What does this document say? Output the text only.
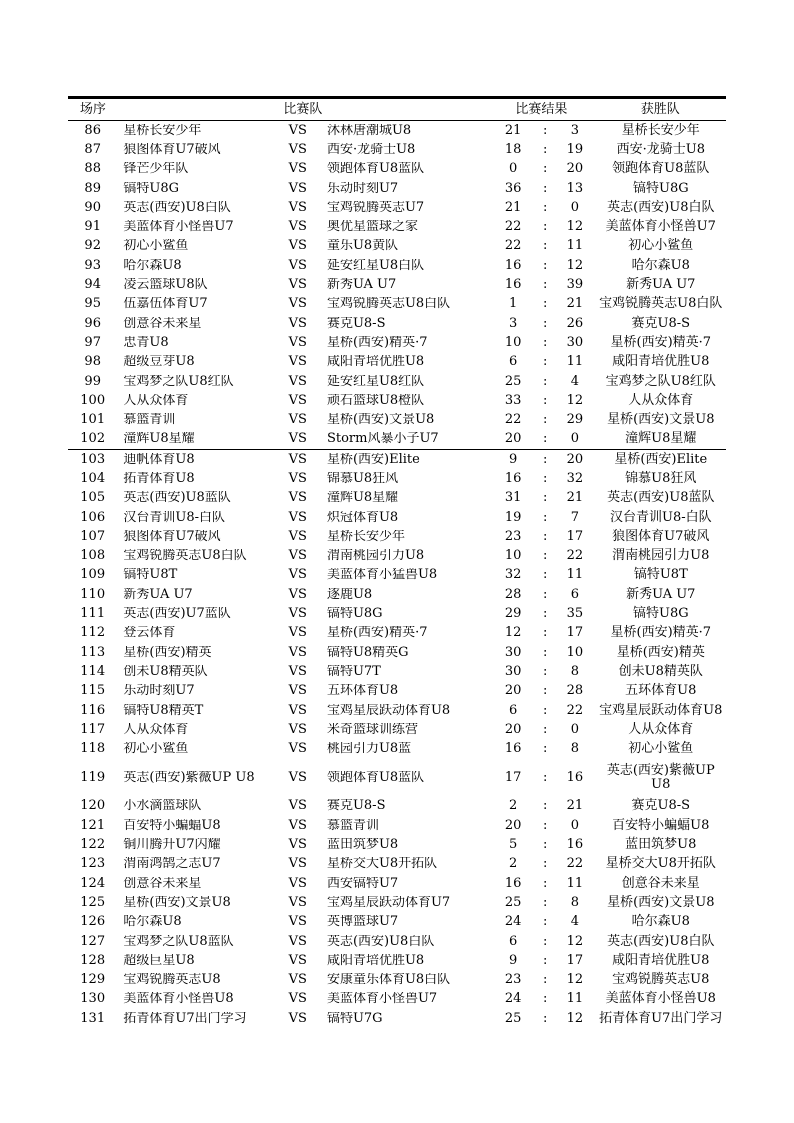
场序	比赛队	比赛结果	获胜队
86	星桥长安少年	VS	沐林唐潮城U8	21	:	3	星桥长安少年
87	狼图体育U7破风	VS	西安·龙骑士U8	18	:	19	西安·龙骑士U8
88	锋芒少年队	VS	领跑体育U8蓝队	0	:	20	领跑体育U8蓝队
89	镐特U8G	VS	乐动时刻U7	36	:	13	镐特U8G
90	英志(西安)U8白队	VS	宝鸡锐腾英志U7	21	:	0	英志(西安)U8白队
91	美蓝体育小怪兽U7	VS	奥优星篮球之家	22	:	12	美蓝体育小怪兽U7
92	初心小鲨鱼	VS	童乐U8黄队	22	:	11	初心小鲨鱼
93	哈尔森U8	VS	延安红星U8白队	16	:	12	哈尔森U8
94	凌云篮球U8队	VS	新秀UA U7	16	:	39	新秀UA U7
95	伍嘉伍体育U7	VS	宝鸡锐腾英志U8白队	1	:	21	宝鸡锐腾英志U8白队
96	创意谷未来星	VS	赛克U8-S	3	:	26	赛克U8-S
97	忠青U8	VS	星桥(西安)精英·7	10	:	30	星桥(西安)精英·7
98	超级豆芽U8	VS	咸阳青培优胜U8	6	:	11	咸阳青培优胜U8
99	宝鸡梦之队U8红队	VS	延安红星U8红队	25	:	4	宝鸡梦之队U8红队
100	人从众体育	VS	顽石篮球U8橙队	33	:	12	人从众体育
101	慕篮青训	VS	星桥(西安)文景U8	22	:	29	星桥(西安)文景U8
102	潼辉U8星耀	VS	Storm风暴小子U7	20	:	0	潼辉U8星耀
103	迪帆体育U8	VS	星桥(西安)Elite	9	:	20	星桥(西安)Elite
104	拓青体育U8	VS	锦慕U8狂风	16	:	32	锦慕U8狂风
105	英志(西安)U8蓝队	VS	潼辉U8星耀	31	:	21	英志(西安)U8蓝队
106	汉台青训U8-白队	VS	炽冠体育U8	19	:	7	汉台青训U8-白队
107	狼图体育U7破风	VS	星桥长安少年	23	:	17	狼图体育U7破风
108	宝鸡锐腾英志U8白队	VS	渭南桃园引力U8	10	:	22	渭南桃园引力U8
109	镐特U8T	VS	美蓝体育小猛兽U8	32	:	11	镐特U8T
110	新秀UA U7	VS	逐鹿U8	28	:	6	新秀UA U7
111	英志(西安)U7蓝队	VS	镐特U8G	29	:	35	镐特U8G
112	登云体育	VS	星桥(西安)精英·7	12	:	17	星桥(西安)精英·7
113	星桥(西安)精英	VS	镐特U8精英G	30	:	10	星桥(西安)精英
114	创未U8精英队	VS	镐特U7T	30	:	8	创未U8精英队
115	乐动时刻U7	VS	五环体育U8	20	:	28	五环体育U8
116	镐特U8精英T	VS	宝鸡星辰跃动体育U8	6	:	22	宝鸡星辰跃动体育U8
117	人从众体育	VS	米奇篮球训练营	20	:	0	人从众体育
118	初心小鲨鱼	VS	桃园引力U8蓝	16	:	8	初心小鲨鱼
119	英志(西安)紫薇UP U8	VS	领跑体育U8蓝队	17	:	16	英志(西安)紫薇UP U8
120	小水滴篮球队	VS	赛克U8-S	2	:	21	赛克U8-S
121	百安特小蝙蝠U8	VS	慕篮青训	20	:	0	百安特小蝙蝠U8
122	铜川腾升U7闪耀	VS	蓝田筑梦U8	5	:	16	蓝田筑梦U8
123	渭南鸿鹄之志U7	VS	星桥交大U8开拓队	2	:	22	星桥交大U8开拓队
124	创意谷未来星	VS	西安镐特U7	16	:	11	创意谷未来星
125	星桥(西安)文景U8	VS	宝鸡星辰跃动体育U7	25	:	8	星桥(西安)文景U8
126	哈尔森U8	VS	英博篮球U7	24	:	4	哈尔森U8
127	宝鸡梦之队U8蓝队	VS	英志(西安)U8白队	6	:	12	英志(西安)U8白队
128	超级巨星U8	VS	咸阳青培优胜U8	9	:	17	咸阳青培优胜U8
129	宝鸡锐腾英志U8	VS	安康童乐体育U8白队	23	:	12	宝鸡锐腾英志U8
130	美蓝体育小怪兽U8	VS	美蓝体育小怪兽U7	24	:	11	美蓝体育小怪兽U8
131	拓青体育U7出门学习	VS	镐特U7G	25	:	12	拓青体育U7出门学习
